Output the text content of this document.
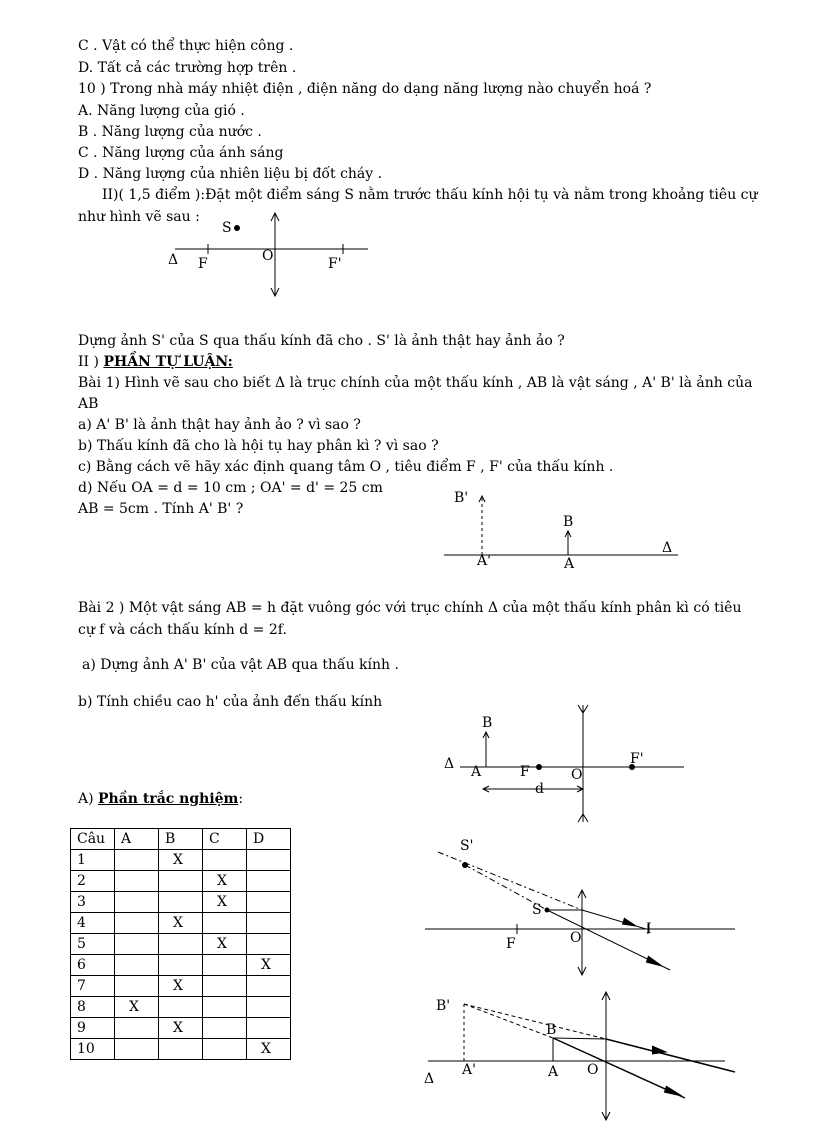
C . Vật có thể thực hiện công .
D. Tất cả các trường hợp trên .
10 ) Trong nhà máy nhiệt điện , điện năng do dạng năng lượng nào chuyển hoá ?
A. Năng lượng của gió .
B . Năng lượng của nước .
C . Năng lượng của ánh sáng
D . Năng lượng của nhiên liệu bị đốt cháy .
II)( 1,5 điểm ):Đặt một điểm sáng S nằm trước thấu kính hội tụ và nằm trong khoảng tiêu cự
như hình vẽ sau :
S
Δ F	O	F'
Dựng ảnh S' của S qua thấu kính đã cho . S' là ảnh thật hay ảnh ảo ?
II ) PHẦN TỰ LUẬN:
Bài 1) Hình vẽ sau cho biết Δ là trục chính của một thấu kính , AB là vật sáng , A' B' là ảnh của
AB
a) A' B' là ảnh thật hay ảnh ảo ? vì sao ?
b) Thấu kính đã cho là hội tụ hay phân kì ? vì sao ?
c) Bằng cách vẽ hãy xác định quang tâm O , tiêu điểm F , F' của thấu kính .
d) Nếu OA = d = 10 cm ; OA' = d' = 25 cm
AB = 5cm . Tính A' B' ?
B'
B
Δ
A'	A
Bài 2 ) Một vật sáng AB = h đặt vuông góc với trục chính Δ của một thấu kính phân kì có tiêu
cự f và cách thấu kính d = 2f.
a) Dựng ảnh A' B' của vật AB qua thấu kính .
b) Tính chiều cao h' của ảnh đến thấu kính
B
Δ A	F	O
F'
d
A) Phần trắc nghiệm:
Câu	A	B	C	D
1		X		
2			X	
3			X	
4		X		
5			X	
6				X
7		X		
8	X			
9		X		
10				X
S'
S
I
F	O
B'
B
A'	A O
Δ
